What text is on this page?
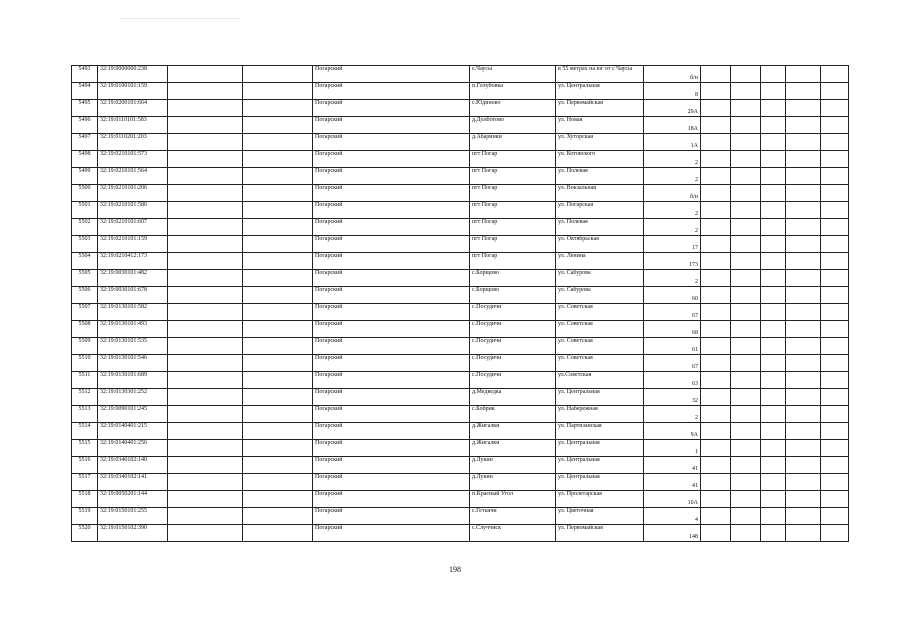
5493	32:19:0000000:238			Погарский	с.Чаусы	в 55 метрах на юг от с Чаусы	б/н					
5494	32:19:0100101:159			Погарский	п.Голубовка	ул. Центральная	8					
5495	32:19:0200101:664			Погарский	с.Юдиново	ул. Первомайская	29А					
5496	32:19:0110101:583			Погарский	д.Долботово	ул. Новая	18А					
5497	32:19:0110201:203			Погарский	д.Абаринки	ул. Хуторская	1А					
5498	32:19:0210101:573			Погарский	пгт Погар	ул. Котовского	2					
5499	32:19:0210101:564			Погарский	пгт Погар	ул. Полевая	2					
5500	32:19:0210101:206			Погарский	пгт Погар	ул. Вокзальная	б/н					
5501	32:19:0210101:586			Погарский	пгт Погар	ул. Погарская	2					
5502	32:19:0210101:607			Погарский	пгт Погар	ул. Полевая	2					
5503	32:19:0210101:159			Погарский	пгт Погар	ул. Октябрьская	17					
5504	32:19:0210412:173			Погарский	пгт Погар	ул. Ленина	173					
5505	32:19:0030101:482			Погарский	с.Борщово	ул. Сабурова	2					
5506	32:19:0030101:678			Погарский	с.Борщово	ул. Сабурова	60					
5507	32:19:0130101:582			Погарский	с.Посудичи	ул. Советская	67					
5508	32:19:0130101:493			Погарский	с.Посудичи	ул. Советская	68					
5509	32:19:0130101:535			Погарский	с.Посудичи	ул. Советская	61					
5510	32:19:0130101:546			Погарский	с.Посудичи	ул. Советская	67					
5511	32:19:0130101:689			Погарский	с.Посудичи	ул.Советская	63					
5512	32:19:0130301:252			Погарский	д.Медведка	ул. Центральная	32					
5513	32:19:0090101:245			Погарский	с.Бобрик	ул. Набережная	2					
5514	32:19:0140401:215			Погарский	д.Жигалки	ул. Партизанская	9А					
5515	32:19:0140401:256			Погарский	д.Жигалки	ул. Центральная	1					
5516	32:19:0340102:140			Погарский	д.Лукин	ул. Центральная	41					
5517	32:19:0340102:141			Погарский	д.Лукин	ул. Центральная	41					
5518	32:19:0050201:144			Погарский	п.Красный Угол	ул. Пролетарская	10А					
5519	32:19:0150101:255			Погарский	с.Гетьичи	ул. Цветочная	4					
5520	32:19:0150102:390			Погарский	с.Случчиск	ул. Первомайская	148					
198
